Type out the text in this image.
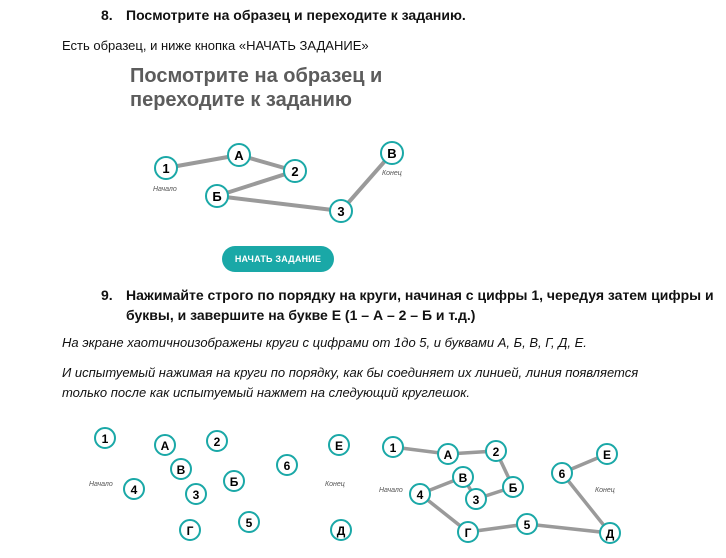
8. Посмотрите на образец и переходите к заданию.
Есть образец, и ниже кнопка «НАЧАТЬ ЗАДАНИЕ»
Посмотрите на образец и
переходите к заданию
1
А
2
Б
3
В
Начало
Конец
НАЧАТЬ ЗАДАНИЕ
9. Нажимайте строго по порядку на круги, начиная с цифры 1, чередуя затем цифры и
буквы, и завершите на букве Е (1 – А – 2 – Б и т.д.)
На экране хаотичноизображены круги с цифрами от 1до 5, и буквами А, Б, В, Г, Д, Е.
И испытуемый нажимая на круги по порядку, как бы соединяет их линией, линия появляется
только после как испытуемый нажмет на следующий круглешок.
1	А	2	Е
В	6
4	3
Б
Г
5
Д
Начало	Конец
1	А	2
В
3
Б
4
Г
5
6
Е
Д
Начало	Конец
